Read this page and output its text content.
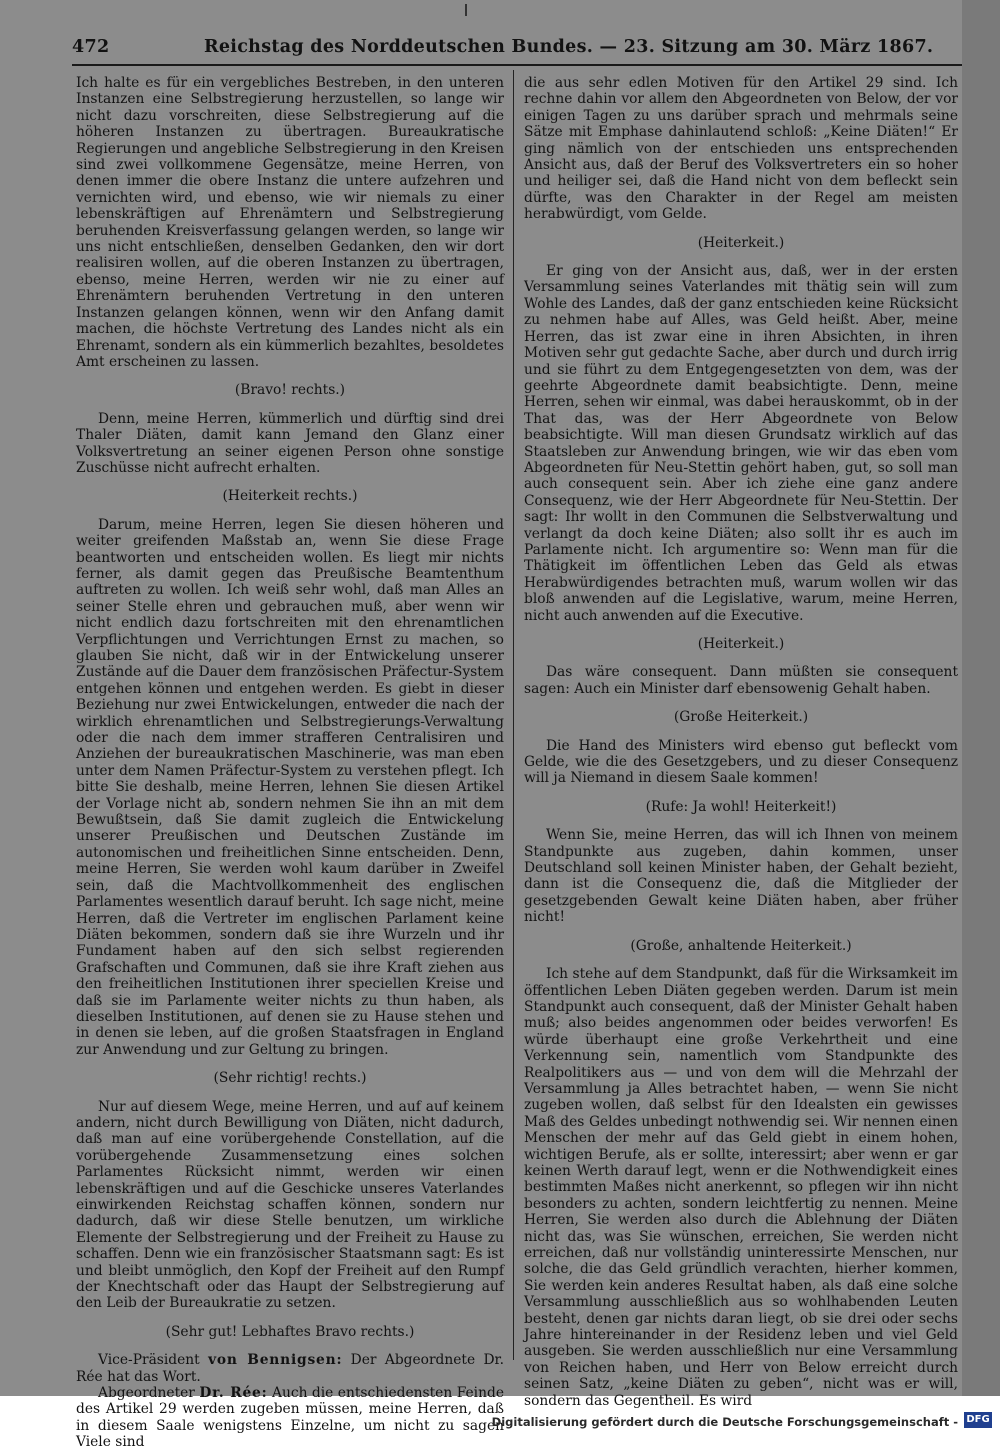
472	Reichstag des Norddeutschen Bundes. — 23. Sitzung am 30. März 1867.

Ich halte es für ein vergebliches Bestreben, in den unteren Instanzen eine Selbstregierung herzustellen, so lange wir nicht dazu vorschreiten, diese Selbstregierung auf die höheren Instanzen zu übertragen. Bureaukratische Regierungen und angebliche Selbstregierung in den Kreisen sind zwei vollkommene Gegensätze, meine Herren, von denen immer die obere Instanz die untere aufzehren und vernichten wird, und ebenso, wie wir niemals zu einer lebenskräftigen auf Ehrenämtern und Selbstregierung beruhenden Kreisverfassung gelangen werden, so lange wir uns nicht entschließen, denselben Gedanken, den wir dort realisiren wollen, auf die oberen Instanzen zu übertragen, ebenso, meine Herren, werden wir nie zu einer auf Ehrenämtern beruhenden Vertretung in den unteren Instanzen gelangen können, wenn wir den Anfang damit machen, die höchste Vertretung des Landes nicht als ein Ehrenamt, sondern als ein kümmerlich bezahltes, besoldetes Amt erscheinen zu lassen.

(Bravo! rechts.)

Denn, meine Herren, kümmerlich und dürftig sind drei Thaler Diäten, damit kann Jemand den Glanz einer Volksvertretung an seiner eigenen Person ohne sonstige Zuschüsse nicht aufrecht erhalten.

(Heiterkeit rechts.)

Darum, meine Herren, legen Sie diesen höheren und weiter greifenden Maßstab an, wenn Sie diese Frage beantworten und entscheiden wollen. Es liegt mir nichts ferner, als damit gegen das Preußische Beamtenthum auftreten zu wollen. Ich weiß sehr wohl, daß man Alles an seiner Stelle ehren und gebrauchen muß, aber wenn wir nicht endlich dazu fortschreiten mit den ehrenamtlichen Verpflichtungen und Verrichtungen Ernst zu machen, so glauben Sie nicht, daß wir in der Entwickelung unserer Zustände auf die Dauer dem französischen Präfectur-System entgehen können und entgehen werden. Es giebt in dieser Beziehung nur zwei Entwickelungen, entweder die nach der wirklich ehrenamtlichen und Selbstregierungs-Verwaltung oder die nach dem immer strafferen Centralisiren und Anziehen der bureaukratischen Maschinerie, was man eben unter dem Namen Präfectur-System zu verstehen pflegt. Ich bitte Sie deshalb, meine Herren, lehnen Sie diesen Artikel der Vorlage nicht ab, sondern nehmen Sie ihn an mit dem Bewußtsein, daß Sie damit zugleich die Entwickelung unserer Preußischen und Deutschen Zustände im autonomischen und freiheitlichen Sinne entscheiden. Denn, meine Herren, Sie werden wohl kaum darüber in Zweifel sein, daß die Machtvollkommenheit des englischen Parlamentes wesentlich darauf beruht. Ich sage nicht, meine Herren, daß die Vertreter im englischen Parlament keine Diäten bekommen, sondern daß sie ihre Wurzeln und ihr Fundament haben auf den sich selbst regierenden Grafschaften und Communen, daß sie ihre Kraft ziehen aus den freiheitlichen Institutionen ihrer speciellen Kreise und daß sie im Parlamente weiter nichts zu thun haben, als dieselben Institutionen, auf denen sie zu Hause stehen und in denen sie leben, auf die großen Staatsfragen in England zur Anwendung und zur Geltung zu bringen.

(Sehr richtig! rechts.)

Nur auf diesem Wege, meine Herren, und auf auf keinem andern, nicht durch Bewilligung von Diäten, nicht dadurch, daß man auf eine vorübergehende Constellation, auf die vorübergehende Zusammensetzung eines solchen Parlamentes Rücksicht nimmt, werden wir einen lebenskräftigen und auf die Geschicke unseres Vaterlandes einwirkenden Reichstag schaffen können, sondern nur dadurch, daß wir diese Stelle benutzen, um wirkliche Elemente der Selbstregierung und der Freiheit zu Hause zu schaffen. Denn wie ein französischer Staatsmann sagt: Es ist und bleibt unmöglich, den Kopf der Freiheit auf den Rumpf der Knechtschaft oder das Haupt der Selbstregierung auf den Leib der Bureaukratie zu setzen.

(Sehr gut! Lebhaftes Bravo rechts.)

Vice-Präsident von Bennigsen: Der Abgeordnete Dr. Rée hat das Wort.

Abgeordneter Dr. Rée: Auch die entschiedensten Feinde des Artikel 29 werden zugeben müssen, meine Herren, daß in diesem Saale wenigstens Einzelne, um nicht zu sagen Viele sind

die aus sehr edlen Motiven für den Artikel 29 sind. Ich rechne dahin vor allem den Abgeordneten von Below, der vor einigen Tagen zu uns darüber sprach und mehrmals seine Sätze mit Emphase dahinlautend schloß: „Keine Diäten!“ Er ging nämlich von der entschieden uns entsprechenden Ansicht aus, daß der Beruf des Volksvertreters ein so hoher und heiliger sei, daß die Hand nicht von dem befleckt sein dürfte, was den Charakter in der Regel am meisten herabwürdigt, vom Gelde.

(Heiterkeit.)

Er ging von der Ansicht aus, daß, wer in der ersten Versammlung seines Vaterlandes mit thätig sein will zum Wohle des Landes, daß der ganz entschieden keine Rücksicht zu nehmen habe auf Alles, was Geld heißt. Aber, meine Herren, das ist zwar eine in ihren Absichten, in ihren Motiven sehr gut gedachte Sache, aber durch und durch irrig und sie führt zu dem Entgegengesetzten von dem, was der geehrte Abgeordnete damit beabsichtigte. Denn, meine Herren, sehen wir einmal, was dabei herauskommt, ob in der That das, was der Herr Abgeordnete von Below beabsichtigte. Will man diesen Grundsatz wirklich auf das Staatsleben zur Anwendung bringen, wie wir das eben vom Abgeordneten für Neu-Stettin gehört haben, gut, so soll man auch consequent sein. Aber ich ziehe eine ganz andere Consequenz, wie der Herr Abgeordnete für Neu-Stettin. Der sagt: Ihr wollt in den Communen die Selbstverwaltung und verlangt da doch keine Diäten; also sollt ihr es auch im Parlamente nicht. Ich argumentire so: Wenn man für die Thätigkeit im öffentlichen Leben das Geld als etwas Herabwürdigendes betrachten muß, warum wollen wir das bloß anwenden auf die Legislative, warum, meine Herren, nicht auch anwenden auf die Executive.

(Heiterkeit.)

Das wäre consequent. Dann müßten sie consequent sagen: Auch ein Minister darf ebensowenig Gehalt haben.

(Große Heiterkeit.)

Die Hand des Ministers wird ebenso gut befleckt vom Gelde, wie die des Gesetzgebers, und zu dieser Consequenz will ja Niemand in diesem Saale kommen!

(Rufe: Ja wohl! Heiterkeit!)

Wenn Sie, meine Herren, das will ich Ihnen von meinem Standpunkte aus zugeben, dahin kommen, unser Deutschland soll keinen Minister haben, der Gehalt bezieht, dann ist die Consequenz die, daß die Mitglieder der gesetzgebenden Gewalt keine Diäten haben, aber früher nicht!

(Große, anhaltende Heiterkeit.)

Ich stehe auf dem Standpunkt, daß für die Wirksamkeit im öffentlichen Leben Diäten gegeben werden. Darum ist mein Standpunkt auch consequent, daß der Minister Gehalt haben muß; also beides angenommen oder beides verworfen! Es würde überhaupt eine große Verkehrtheit und eine Verkennung sein, namentlich vom Standpunkte des Realpolitikers aus — und von dem will die Mehrzahl der Versammlung ja Alles betrachtet haben, — wenn Sie nicht zugeben wollen, daß selbst für den Idealsten ein gewisses Maß des Geldes unbedingt nothwendig sei. Wir nennen einen Menschen der mehr auf das Geld giebt in einem hohen, wichtigen Berufe, als er sollte, interessirt; aber wenn er gar keinen Werth darauf legt, wenn er die Nothwendigkeit eines bestimmten Maßes nicht anerkennt, so pflegen wir ihn nicht besonders zu achten, sondern leichtfertig zu nennen. Meine Herren, Sie werden also durch die Ablehnung der Diäten nicht das, was Sie wünschen, erreichen, Sie werden nicht erreichen, daß nur vollständig uninteressirte Menschen, nur solche, die das Geld gründlich verachten, hierher kommen, Sie werden kein anderes Resultat haben, als daß eine solche Versammlung ausschließlich aus so wohlhabenden Leuten besteht, denen gar nichts daran liegt, ob sie drei oder sechs Jahre hintereinander in der Residenz leben und viel Geld ausgeben. Sie werden ausschließlich nur eine Versammlung von Reichen haben, und Herr von Below erreicht durch seinen Satz, „keine Diäten zu geben“, nicht was er will, sondern das Gegentheil. Es wird

Digitalisierung gefördert durch die Deutsche Forschungsgemeinschaft - DFG
